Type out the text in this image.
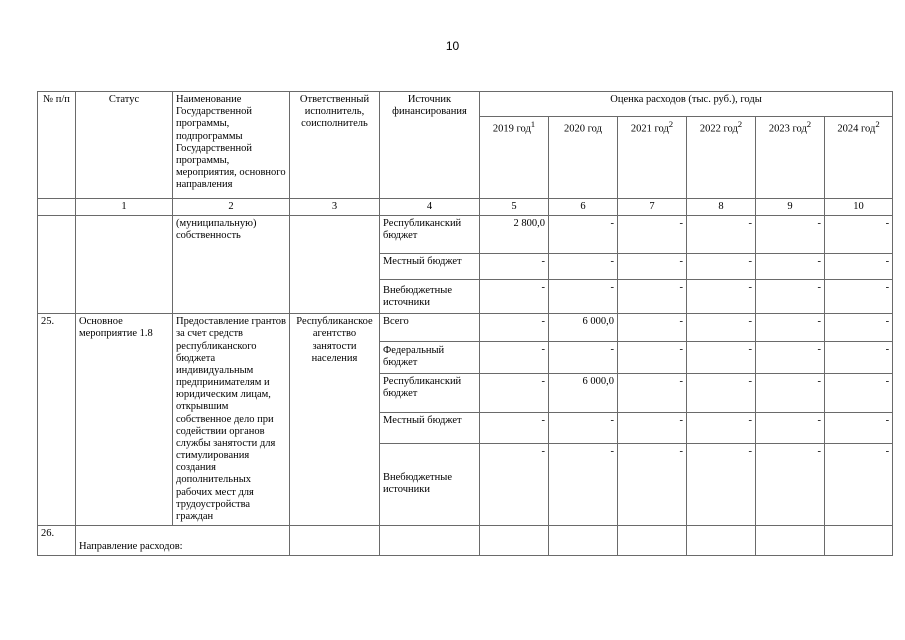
10
№ п/п	Статус	Наименование Государственной программы, подпрограммы Государственной программы, мероприятия, основного направления	Ответственный исполнитель, соисполнитель	Источник финансирования	Оценка расходов (тыс. руб.), годы					
					2019 год$^1$	2020 год	2021 год$^2$	2022 год$^2$	2023 год$^2$	2024 год$^2$
	1	2	3	4	5	6	7	8	9	10
		(муниципальную) собственность		Республиканский бюджет	2 800,0	-	-	-	-	-
				Местный бюджет	-	-	-	-	-	-
				Внебюджетные источники	-	-	-	-	-	-
25.	Основное мероприятие 1.8	Предоставление грантов за счет средств республиканского бюджета индивидуальным предпринимателям и юридическим лицам, открывшим собственное дело при содействии органов службы занятости для стимулирования создания дополнительных рабочих мест для трудоустройства граждан	Республиканское агентство занятости населения	Всего	-	6 000,0	-	-	-	-
				Федеральный бюджет	-	-	-	-	-	-
				Республиканский бюджет	-	6 000,0	-	-	-	-
				Местный бюджет	-	-	-	-	-	-
				Внебюджетные источники	-	-	-	-	-	-
26.	Направление расходов:									
